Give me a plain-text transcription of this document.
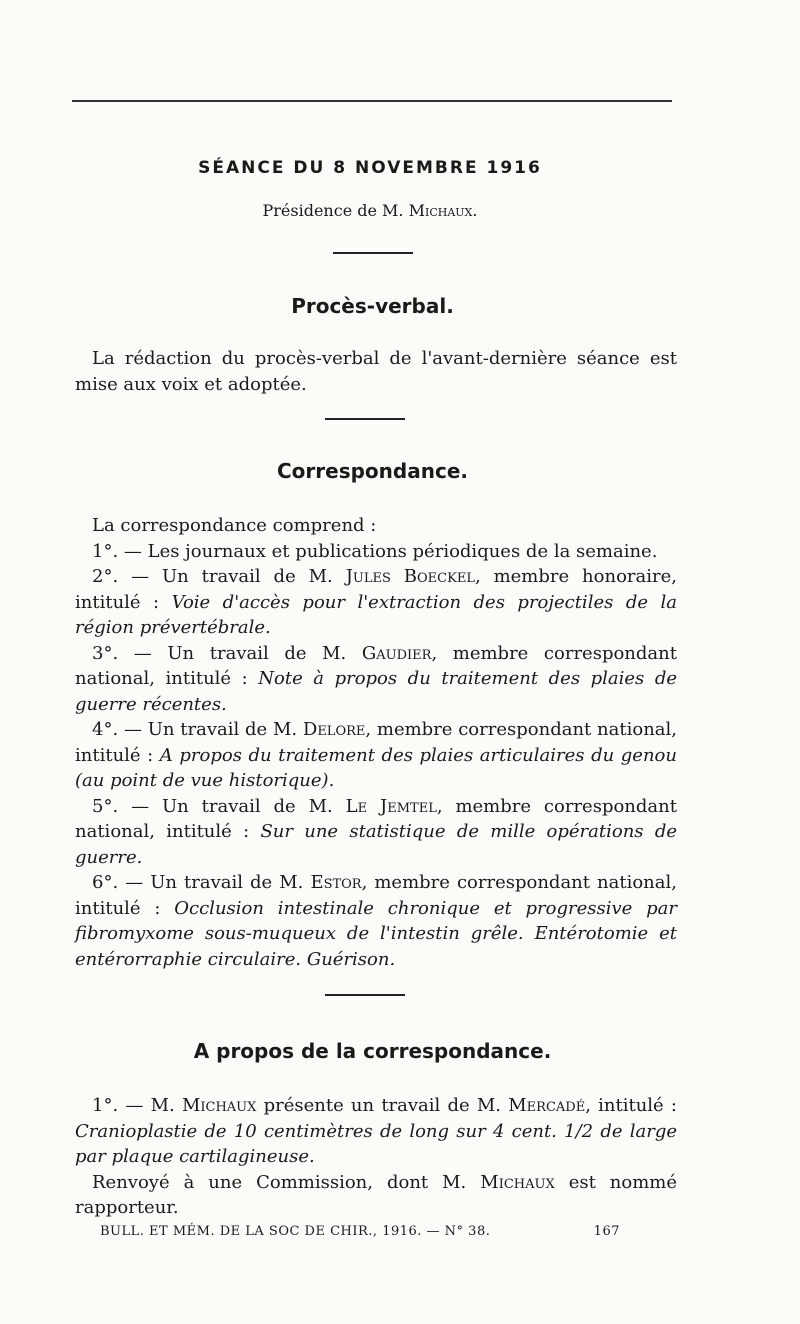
SÉANCE DU 8 NOVEMBRE 1916
Présidence de M. Michaux.
Procès-verbal.

La rédaction du procès-verbal de l'avant-dernière séance est mise aux voix et adoptée.

Correspondance.

La correspondance comprend :

1°. — Les journaux et publications périodiques de la semaine.

2°. — Un travail de M. Jules Boeckel, membre honoraire, intitulé : Voie d'accès pour l'extraction des projectiles de la région prévertébrale.

3°. — Un travail de M. Gaudier, membre correspondant national, intitulé : Note à propos du traitement des plaies de guerre récentes.

4°. — Un travail de M. Delore, membre correspondant national, intitulé : A propos du traitement des plaies articulaires du genou (au point de vue historique).

5°. — Un travail de M. Le Jemtel, membre correspondant national, intitulé : Sur une statistique de mille opérations de guerre.

6°. — Un travail de M. Estor, membre correspondant national, intitulé : Occlusion intestinale chronique et progressive par fibromyxome sous-muqueux de l'intestin grêle. Entérotomie et entérorraphie circulaire. Guérison.

A propos de la correspondance.

1°. — M. Michaux présente un travail de M. Mercadé, intitulé : Cranioplastie de 10 centimètres de long sur 4 cent. 1/2 de large par plaque cartilagineuse.

Renvoyé à une Commission, dont M. Michaux est nommé rapporteur.

BULL. ET MÉM. DE LA SOC DE CHIR., 1916. — N° 38.	167
